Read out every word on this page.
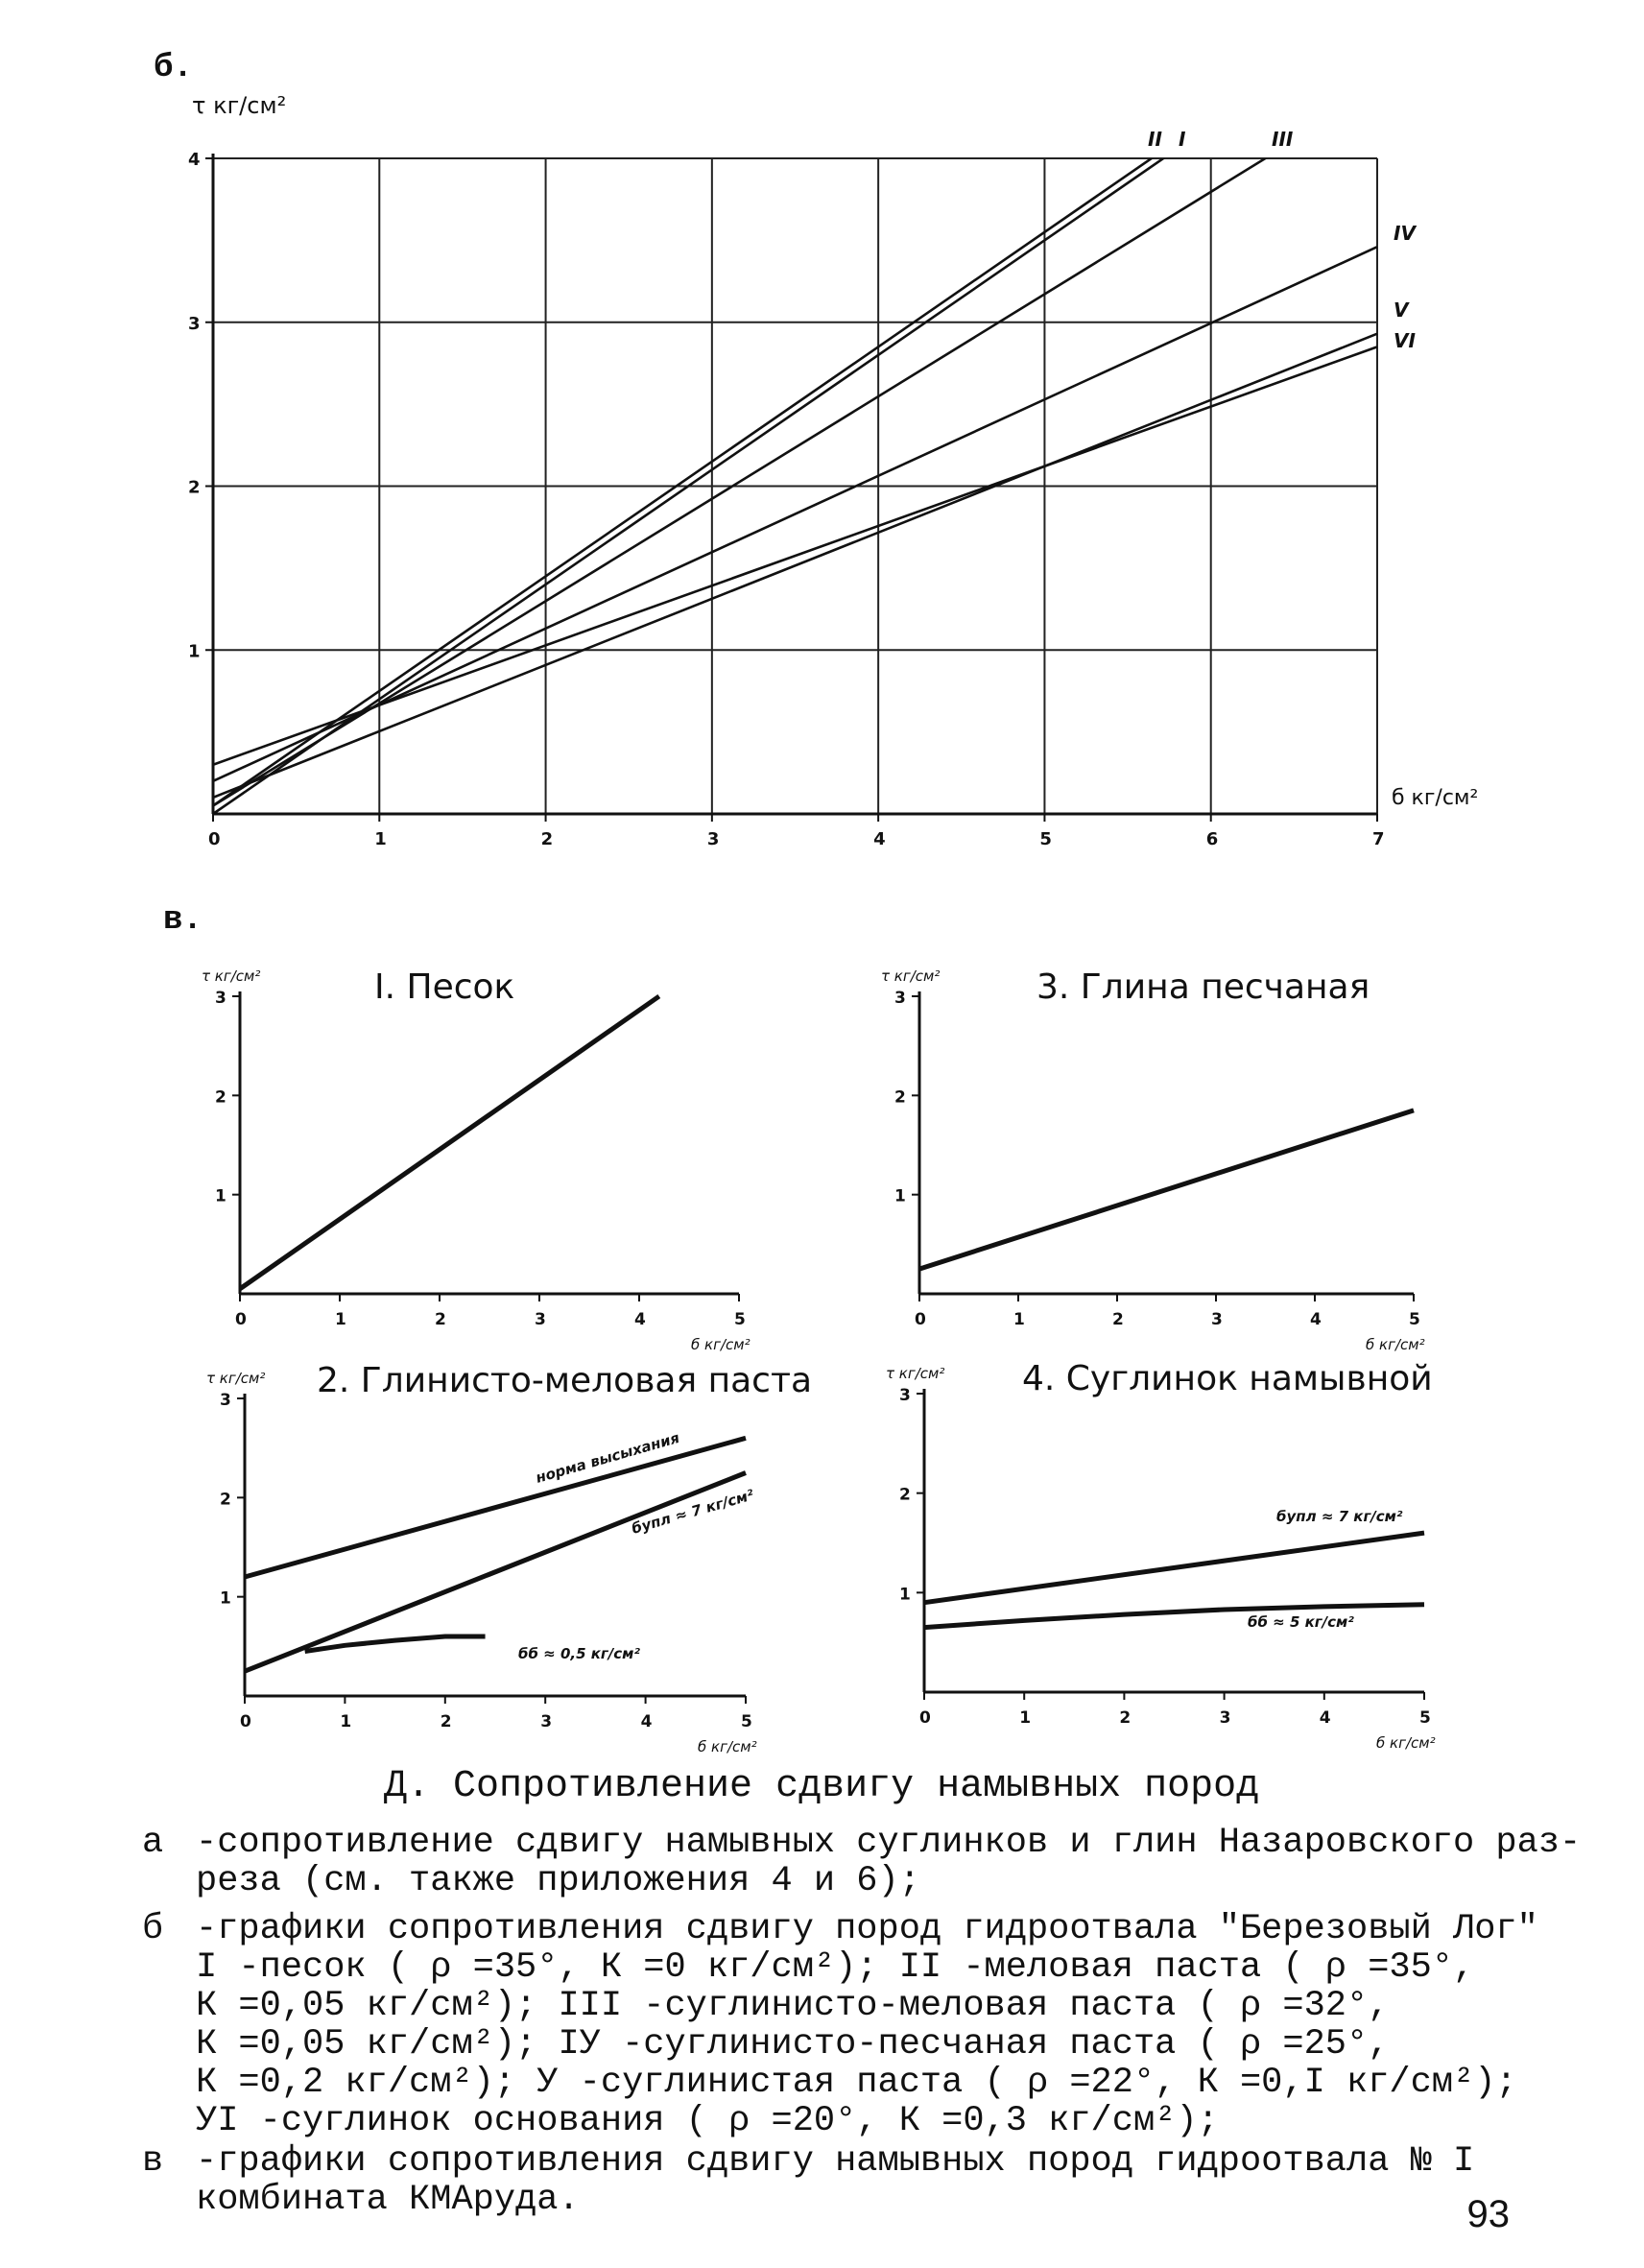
б.
в.
0	1	2	3	4	5	6	7
1
2
3
4
τ кг/см²
б кг/см²
I
II	III
IV
V
VI
0	1	2	3	4	5
1
2
3
τ кг/см²
б кг/см²
I. Песок
0	1	2	3	4	5
1
2
3
τ кг/см²
б кг/см²
3. Глина песчаная
0	1	2	3	4	5
1
2
3
τ кг/см²
б кг/см²
2. Глинисто-меловая паста
норма высыхания
бупл ≈ 7 кг/см²
бб ≈ 0,5 кг/см²
0	1	2	3	4	5
1
2
3
τ кг/см²
б кг/см²
4. Суглинок намывной
бупл ≈ 7 кг/см²
бб ≈ 5 кг/см²
Д. Сопротивление сдвигу намывных пород
а -сопротивление сдвигу намывных суглинков и глин Назаровского раз-
реза (см. также приложения 4 и 6);
б -графики сопротивления сдвигу пород гидроотвала "Березовый Лог"
I -песок ( ρ =35°, К =0 кг/см²); II -меловая паста ( ρ =35°,
К =0,05 кг/см²); III -суглинисто-меловая паста ( ρ =32°,
К =0,05 кг/см²); IУ -суглинисто-песчаная паста ( ρ =25°,
К =0,2 кг/см²); У -суглинистая паста ( ρ =22°, К =0,I кг/см²);
УI -суглинок основания ( ρ =20°, К =0,3 кг/см²);
в -графики сопротивления сдвигу намывных пород гидроотвала № I
комбината КМАруда.	93
